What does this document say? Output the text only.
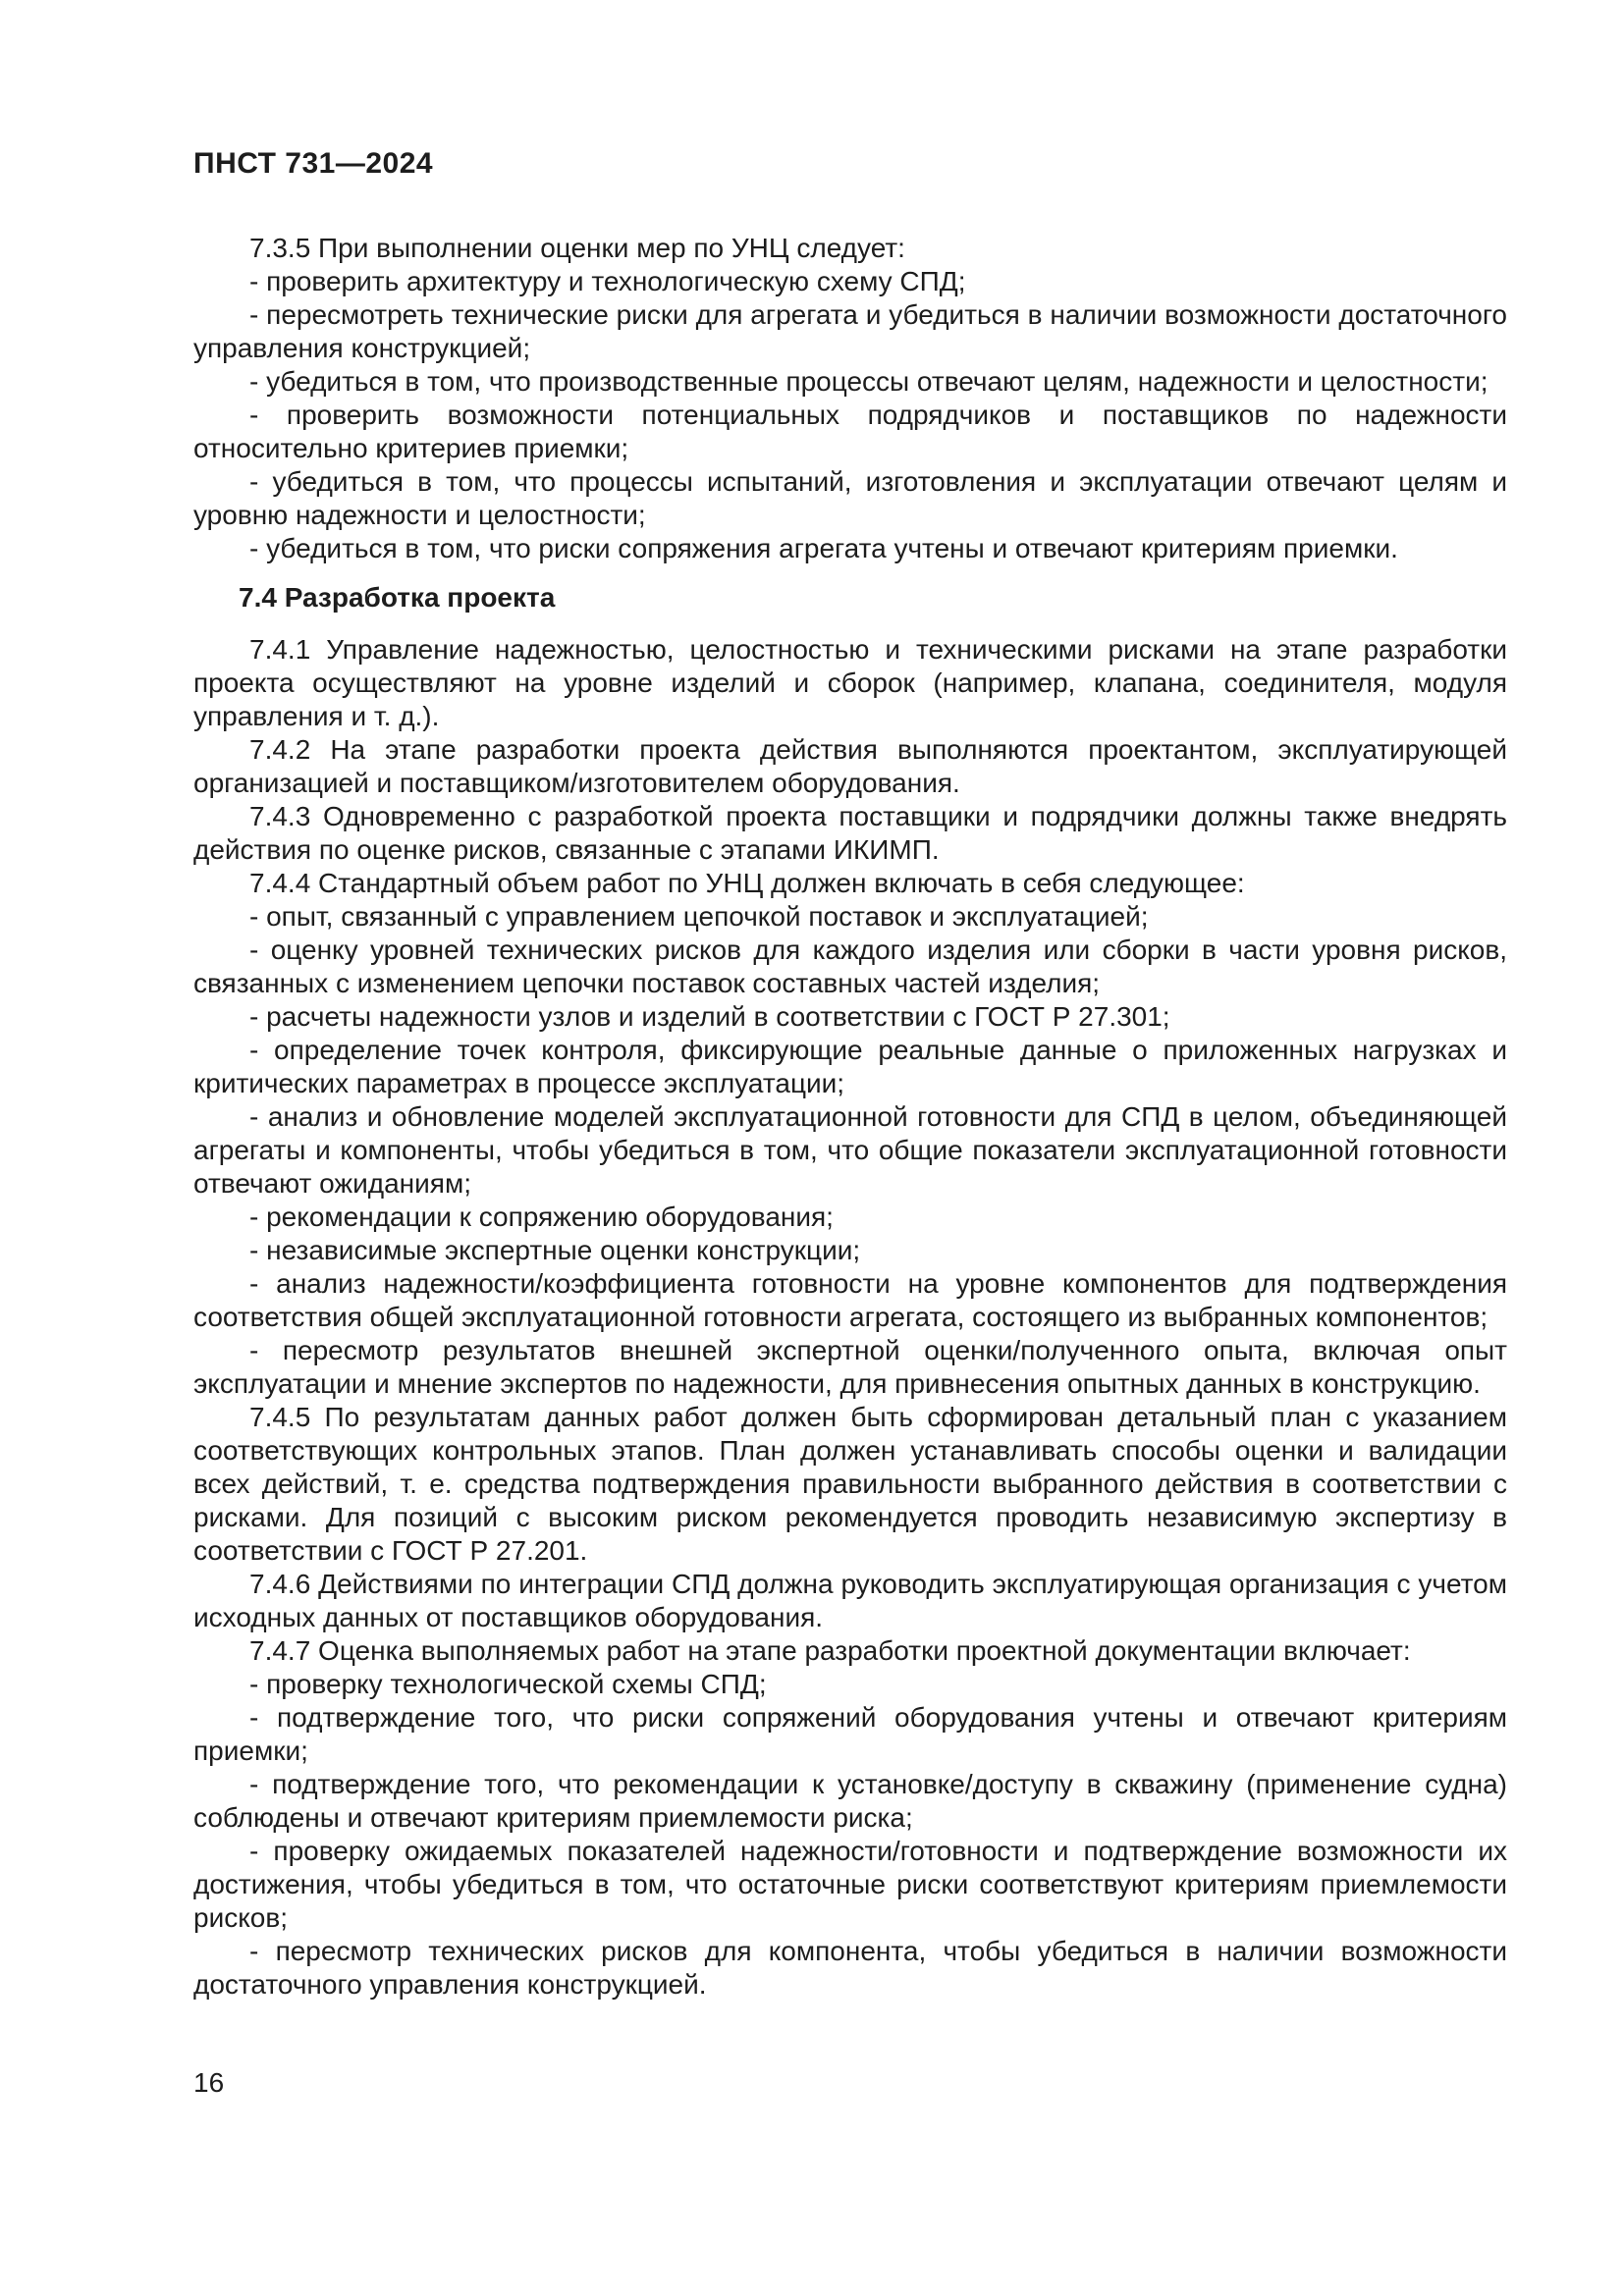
ПНСТ 731—2024

7.3.5 При выполнении оценки мер по УНЦ следует:

- проверить архитектуру и технологическую схему СПД;

- пересмотреть технические риски для агрегата и убедиться в наличии возможности достаточного управления конструкцией;

- убедиться в том, что производственные процессы отвечают целям, надежности и целостности;

- проверить возможности потенциальных подрядчиков и поставщиков по надежности относительно критериев приемки;

- убедиться в том, что процессы испытаний, изготовления и эксплуатации отвечают целям и уровню надежности и целостности;

- убедиться в том, что риски сопряжения агрегата учтены и отвечают критериям приемки.

7.4 Разработка проекта

7.4.1 Управление надежностью, целостностью и техническими рисками на этапе разработки проекта осуществляют на уровне изделий и сборок (например, клапана, соединителя, модуля управления и т. д.).

7.4.2 На этапе разработки проекта действия выполняются проектантом, эксплуатирующей организацией и поставщиком/изготовителем оборудования.

7.4.3 Одновременно с разработкой проекта поставщики и подрядчики должны также внедрять действия по оценке рисков, связанные с этапами ИКИМП.

7.4.4 Стандартный объем работ по УНЦ должен включать в себя следующее:

- опыт, связанный с управлением цепочкой поставок и эксплуатацией;

- оценку уровней технических рисков для каждого изделия или сборки в части уровня рисков, связанных с изменением цепочки поставок составных частей изделия;

- расчеты надежности узлов и изделий в соответствии с ГОСТ Р 27.301;

- определение точек контроля, фиксирующие реальные данные о приложенных нагрузках и критических параметрах в процессе эксплуатации;

- анализ и обновление моделей эксплуатационной готовности для СПД в целом, объединяющей агрегаты и компоненты, чтобы убедиться в том, что общие показатели эксплуатационной готовности отвечают ожиданиям;

- рекомендации к сопряжению оборудования;

- независимые экспертные оценки конструкции;

- анализ надежности/коэффициента готовности на уровне компонентов для подтверждения соответствия общей эксплуатационной готовности агрегата, состоящего из выбранных компонентов;

- пересмотр результатов внешней экспертной оценки/полученного опыта, включая опыт эксплуатации и мнение экспертов по надежности, для привнесения опытных данных в конструкцию.

7.4.5 По результатам данных работ должен быть сформирован детальный план с указанием соответствующих контрольных этапов. План должен устанавливать способы оценки и валидации всех действий, т. е. средства подтверждения правильности выбранного действия в соответствии с рисками. Для позиций с высоким риском рекомендуется проводить независимую экспертизу в соответствии с ГОСТ Р 27.201.

7.4.6 Действиями по интеграции СПД должна руководить эксплуатирующая организация с учетом исходных данных от поставщиков оборудования.

7.4.7 Оценка выполняемых работ на этапе разработки проектной документации включает:

- проверку технологической схемы СПД;

- подтверждение того, что риски сопряжений оборудования учтены и отвечают критериям приемки;

- подтверждение того, что рекомендации к установке/доступу в скважину (применение судна) соблюдены и отвечают критериям приемлемости риска;

- проверку ожидаемых показателей надежности/готовности и подтверждение возможности их достижения, чтобы убедиться в том, что остаточные риски соответствуют критериям приемлемости рисков;

- пересмотр технических рисков для компонента, чтобы убедиться в наличии возможности достаточного управления конструкцией.

16
